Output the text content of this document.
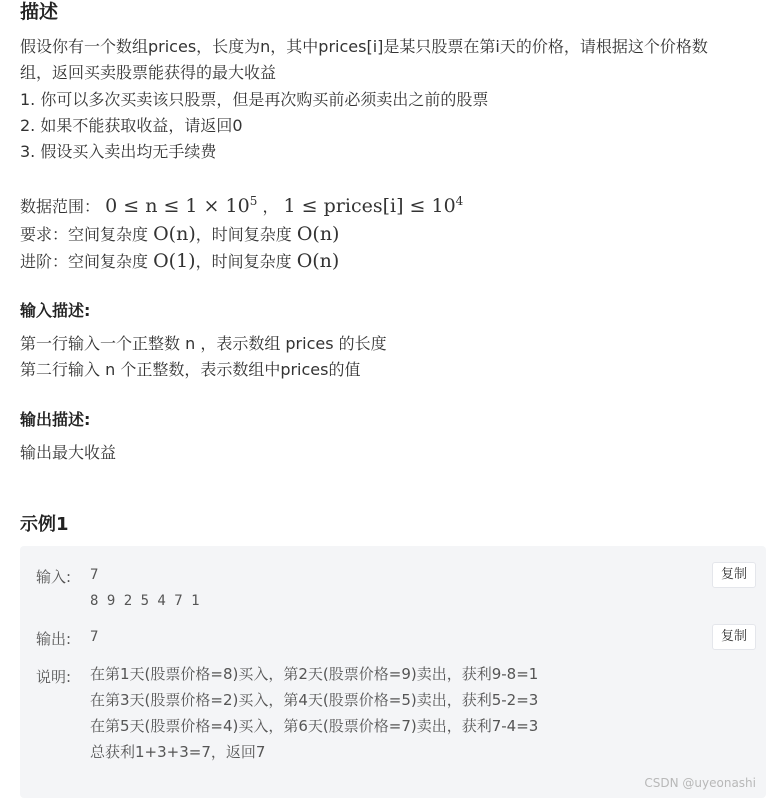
描述
假设你有一个数组prices，长度为n，其中prices[i]是某只股票在第i天的价格，请根据这个价格数
组，返回买卖股票能获得的最大收益
1. 你可以多次买卖该只股票，但是再次购买前必须卖出之前的股票
2. 如果不能获取收益，请返回0
3. 假设买入卖出均无手续费
数据范围： $0 \le n \le 1 \times 10^5$ ， 1 ≤ prices[i] ≤ $10^4$
要求：空间复杂度 O(n)，时间复杂度 O(n)
进阶：空间复杂度 O(1)，时间复杂度 O(n)
输入描述:
第一行输入一个正整数 n ，表示数组 prices 的长度
第二行输入 n 个正整数，表示数组中prices的值
输出描述:
输出最大收益
示例1
输入: 7
8 9 2 5 4 7 1
复制
输出: 7	复制
说明: 在第1天(股票价格=8)买入，第2天(股票价格=9)卖出，获利9-8=1
在第3天(股票价格=2)买入，第4天(股票价格=5)卖出，获利5-2=3
在第5天(股票价格=4)买入，第6天(股票价格=7)卖出，获利7-4=3
总获利1+3+3=7，返回7
CSDN @uyeonashi
